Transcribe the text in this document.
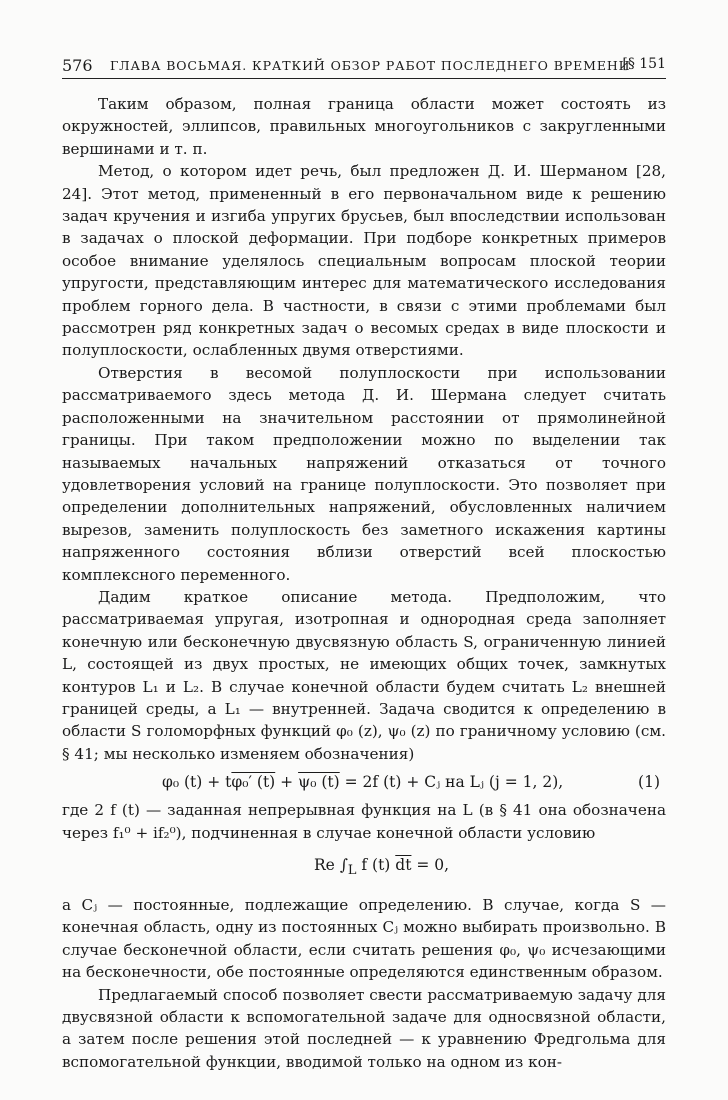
576 ГЛАВА ВОСЬМАЯ. КРАТКИЙ ОБЗОР РАБОТ ПОСЛЕДНЕГО ВРЕМЕНИ
[§ 151

Таким образом, полная граница области может состоять из окружностей, эллипсов, правильных многоугольников с закругленными вершинами и т. п.

Метод, о котором идет речь, был предложен Д. И. Шерманом [28, 24]. Этот метод, примененный в его первоначальном виде к решению задач кручения и изгиба упругих брусьев, был впоследствии использован в задачах о плоской деформации. При подборе конкретных примеров особое внимание уделялось специальным вопросам плоской теории упругости, представляющим интерес для математического исследования проблем горного дела. В частности, в связи с этими проблемами был рассмотрен ряд конкретных задач о весомых средах в виде плоскости и полуплоскости, ослабленных двумя отверстиями.

Отверстия в весомой полуплоскости при использовании рассматриваемого здесь метода Д. И. Шермана следует считать расположенными на значительном расстоянии от прямолинейной границы. При таком предположении можно по выделении так называемых начальных напряжений отказаться от точного удовлетворения условий на границе полуплоскости. Это позволяет при определении дополнительных напряжений, обусловленных наличием вырезов, заменить полуплоскость без заметного искажения картины напряженного состояния вблизи отверстий всей плоскостью комплексного переменного.

Дадим краткое описание метода. Предположим, что рассматриваемая упругая, изотропная и однородная среда заполняет конечную или бесконечную двусвязную область S, ограниченную линией L, состоящей из двух простых, не имеющих общих точек, замкнутых контуров L₁ и L₂. В случае конечной области будем считать L₂ внешней границей среды, а L₁ — внутренней. Задача сводится к определению в области S голоморфных функций φ₀ (z), ψ₀ (z) по граничному условию (см. § 41; мы несколько изменяем обозначения)

φ₀ (t) + tφ₀′ (t) + ψ₀ (t) = 2f (t) + Cⱼ на Lⱼ (j = 1, 2),	(1)

где 2 f (t) — заданная непрерывная функция на L (в § 41 она обозначена через f₁⁰ + if₂⁰), подчиненная в случае конечной области условию

Re $\int_L$ f (t) $\overline{dt} = 0$,

а Cⱼ — постоянные, подлежащие определению. В случае, когда S — конечная область, одну из постоянных Cⱼ можно выбирать произвольно. В случае бесконечной области, если считать решения φ₀, ψ₀ исчезающими на бесконечности, обе постоянные определяются единственным образом.

Предлагаемый способ позволяет свести рассматриваемую задачу для двусвязной области к вспомогательной задаче для односвязной области, а затем после решения этой последней — к уравнению Фредгольма для вспомогательной функции, вводимой только на одном из кон-
